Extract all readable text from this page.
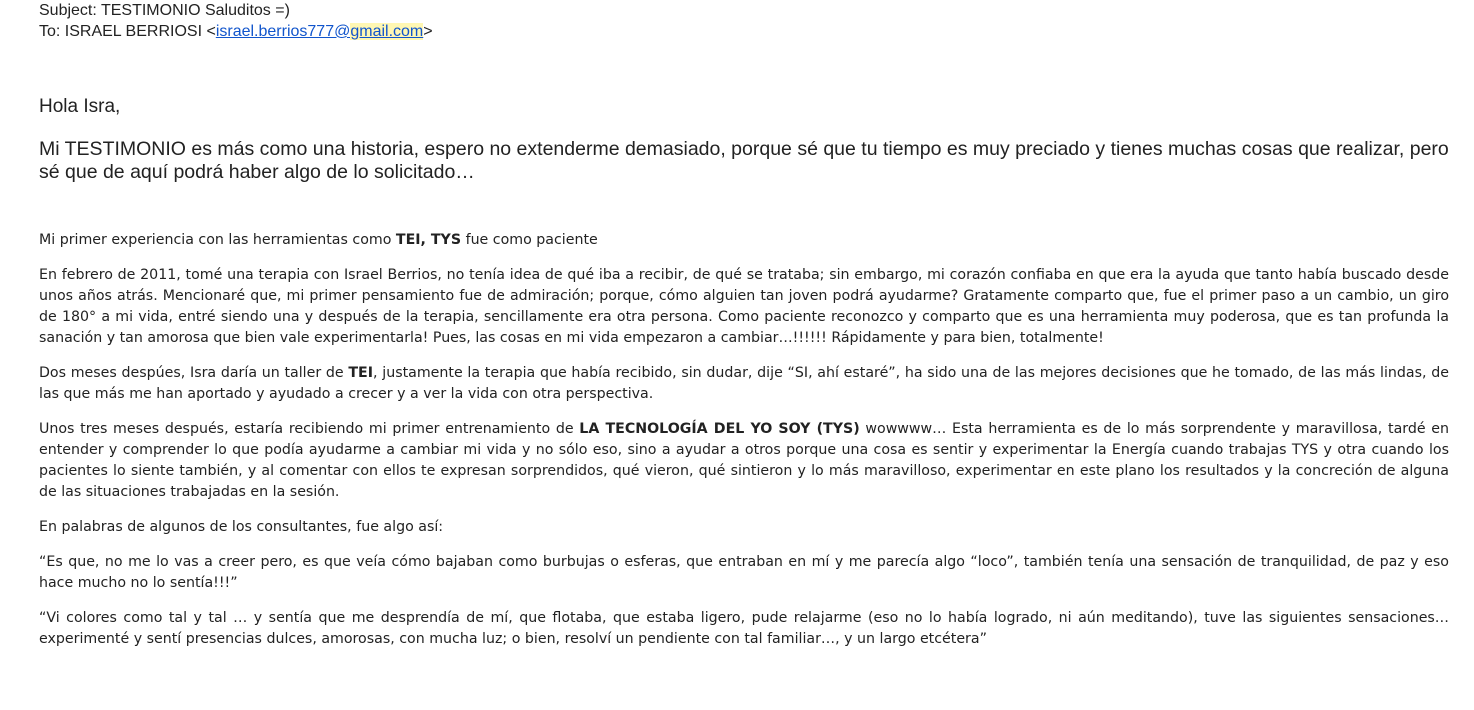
Subject: TESTIMONIO Saluditos =)
To: ISRAEL BERRIOSI <israel.berrios777@gmail.com>
Hola Isra,
Mi TESTIMONIO es más como una historia, espero no extenderme demasiado, porque sé que tu tiempo es muy preciado y tienes muchas cosas que realizar, pero sé que de aquí podrá haber algo de lo solicitado…

Mi primer experiencia con las herramientas como TEI, TYS fue como paciente

En febrero de 2011, tomé una terapia con Israel Berrios, no tenía idea de qué iba a recibir, de qué se trataba; sin embargo, mi corazón confiaba en que era la ayuda que tanto había buscado desde unos años atrás. Mencionaré que, mi primer pensamiento fue de admiración; porque, cómo alguien tan joven podrá ayudarme? Gratamente comparto que, fue el primer paso a un cambio, un giro de 180° a mi vida, entré siendo una y después de la terapia, sencillamente era otra persona. Como paciente reconozco y comparto que es una herramienta muy poderosa, que es tan profunda la sanación y tan amorosa que bien vale experimentarla! Pues, las cosas en mi vida empezaron a cambiar…!!!!!! Rápidamente y para bien, totalmente!

Dos meses despúes, Isra daría un taller de TEI, justamente la terapia que había recibido, sin dudar, dije “SI, ahí estaré”, ha sido una de las mejores decisiones que he tomado, de las más lindas, de las que más me han aportado y ayudado a crecer y a ver la vida con otra perspectiva.

Unos tres meses después, estaría recibiendo mi primer entrenamiento de LA TECNOLOGÍA DEL YO SOY (TYS) wowwww… Esta herramienta es de lo más sorprendente y maravillosa, tardé en entender y comprender lo que podía ayudarme a cambiar mi vida y no sólo eso, sino a ayudar a otros porque una cosa es sentir y experimentar la Energía cuando trabajas TYS y otra cuando los pacientes lo siente también, y al comentar con ellos te expresan sorprendidos, qué vieron, qué sintieron y lo más maravilloso, experimentar en este plano los resultados y la concreción de alguna de las situaciones trabajadas en la sesión.

En palabras de algunos de los consultantes, fue algo así:

“Es que, no me lo vas a creer pero, es que veía cómo bajaban como burbujas o esferas, que entraban en mí y me parecía algo “loco”, también tenía una sensación de tranquilidad, de paz y eso hace mucho no lo sentía!!!”

“Vi colores como tal y tal … y sentía que me desprendía de mí, que flotaba, que estaba ligero, pude relajarme (eso no lo había logrado, ni aún meditando), tuve las siguientes sensaciones… experimenté y sentí presencias dulces, amorosas, con mucha luz; o bien, resolví un pendiente con tal familiar…, y un largo etcétera”
